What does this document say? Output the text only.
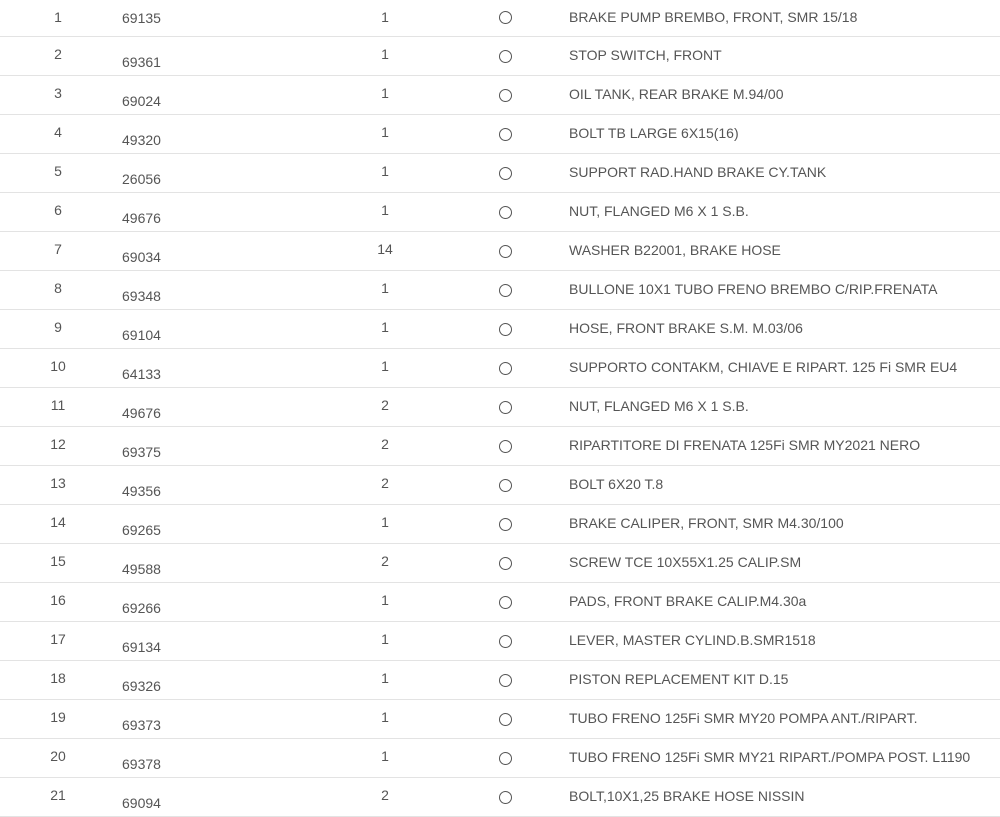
1	69135	1	BRAKE PUMP BREMBO, FRONT, SMR 15/18
2	69361	1	STOP SWITCH, FRONT
3	69024	1	OIL TANK, REAR BRAKE M.94/00
4	49320	1	BOLT TB LARGE 6X15(16)
5	26056	1	SUPPORT RAD.HAND BRAKE CY.TANK
6	49676	1	NUT, FLANGED M6 X 1 S.B.
7	69034	14	WASHER B22001, BRAKE HOSE
8	69348	1	BULLONE 10X1 TUBO FRENO BREMBO C/RIP.FRENATA
9	69104	1	HOSE, FRONT BRAKE S.M. M.03/06
10	64133	1	SUPPORTO CONTAKM, CHIAVE E RIPART. 125 Fi SMR EU4
11	49676	2	NUT, FLANGED M6 X 1 S.B.
12	69375	2	RIPARTITORE DI FRENATA 125Fi SMR MY2021 NERO
13	49356	2	BOLT 6X20 T.8
14	69265	1	BRAKE CALIPER, FRONT, SMR M4.30/100
15	49588	2	SCREW TCE 10X55X1.25 CALIP.SM
16	69266	1	PADS, FRONT BRAKE CALIP.M4.30a
17	69134	1	LEVER, MASTER CYLIND.B.SMR1518
18	69326	1	PISTON REPLACEMENT KIT D.15
19	69373	1	TUBO FRENO 125Fi SMR MY20 POMPA ANT./RIPART.
20	69378	1	TUBO FRENO 125Fi SMR MY21 RIPART./POMPA POST. L1190
21	69094	2	BOLT,10X1,25 BRAKE HOSE NISSIN
